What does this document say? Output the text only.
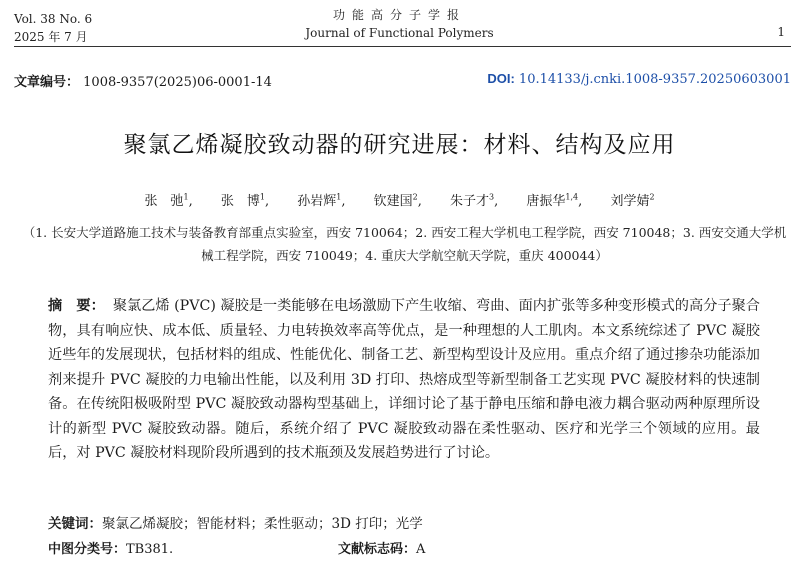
Vol. 38 No. 6
2025 年 7 月
功能高分子学报
Journal of Functional Polymers	1
文章编号： 1008-9357(2025)06-0001-14	DOI: 10.14133/j.cnki.1008-9357.20250603001
聚氯乙烯凝胶致动器的研究进展：材料、结构及应用
张　弛$^1$, 张　博$^1$, 孙岩辉$^1$, 钦建国$^2$, 朱子才$^3$, 唐振华$^{1,4}$, 刘学婧$^2$
（1. 长安大学道路施工技术与装备教育部重点实验室，西安 710064；2. 西安工程大学机电工程学院，西安 710048；3. 西安交通大学机械工程学院，西安 710049；4. 重庆大学航空航天学院，重庆 400044）
摘　要： 聚氯乙烯 (PVC) 凝胶是一类能够在电场激励下产生收缩、弯曲、面内扩张等多种变形模式的高分子聚合物，具有响应快、成本低、质量轻、力电转换效率高等优点，是一种理想的人工肌肉。本文系统综述了 PVC 凝胶近些年的发展现状，包括材料的组成、性能优化、制备工艺、新型构型设计及应用。重点介绍了通过掺杂功能添加剂来提升 PVC 凝胶的力电输出性能，以及利用 3D 打印、热熔成型等新型制备工艺实现 PVC 凝胶材料的快速制备。在传统阳极吸附型 PVC 凝胶致动器构型基础上，详细讨论了基于静电压缩和静电液力耦合驱动两种原理所设计的新型 PVC 凝胶致动器。随后，系统介绍了 PVC 凝胶致动器在柔性驱动、医疗和光学三个领域的应用。最后，对 PVC 凝胶材料现阶段所遇到的技术瓶颈及发展趋势进行了讨论。
关键词：聚氯乙烯凝胶；智能材料；柔性驱动；3D 打印；光学
中图分类号：TB381.	文献标志码：A
